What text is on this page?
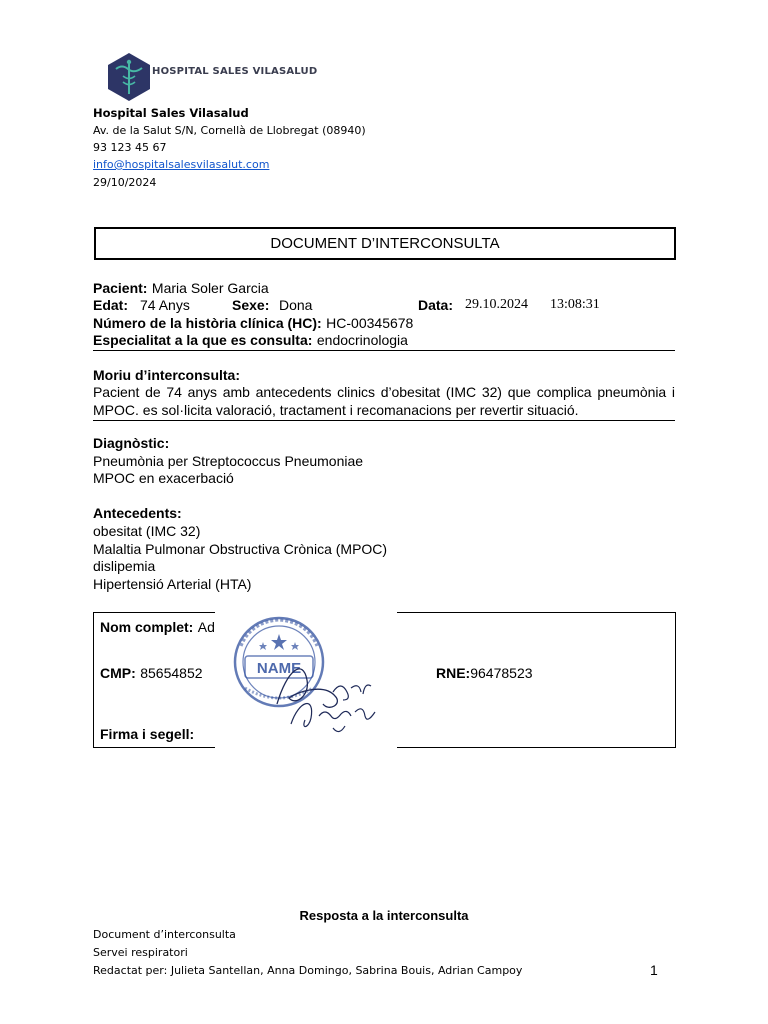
HOSPITAL SALES VILASALUD
Hospital Sales Vilasalud
Av. de la Salut S/N, Cornellà de Llobregat (08940)
93 123 45 67
info@hospitalsalesvilasalut.com
29/10/2024
DOCUMENT D’INTERCONSULTA
Pacient: Maria Soler Garcia
Edat: 74 Anys	Sexe: Dona	Data: 29.10.2024 13:08:31
Número de la història clínica (HC): HC-00345678
Especialitat a la que es consulta: endocrinologia
Moriu d’interconsulta:
Pacient de 74 anys amb antecedents clinics d’obesitat (IMC 32) que complica pneumònia i
MPOC. es sol·licita valoració, tractament i recomanacions per revertir situació.
Diagnòstic:
Pneumònia per Streptococcus Pneumoniae
MPOC en exacerbació
Antecedents:
obesitat (IMC 32)
Malaltia Pulmonar Obstructiva Crònica (MPOC)
dislipemia
Hipertensió Arterial (HTA)
Nom complet: Ad
CMP: 85654852	RNE:96478523
Firma i segell:
NAME
Resposta a la interconsulta
Document d’interconsulta
Servei respiratori
Redactat per: Julieta Santellan, Anna Domingo, Sabrina Bouis, Adrian Campoy	1
